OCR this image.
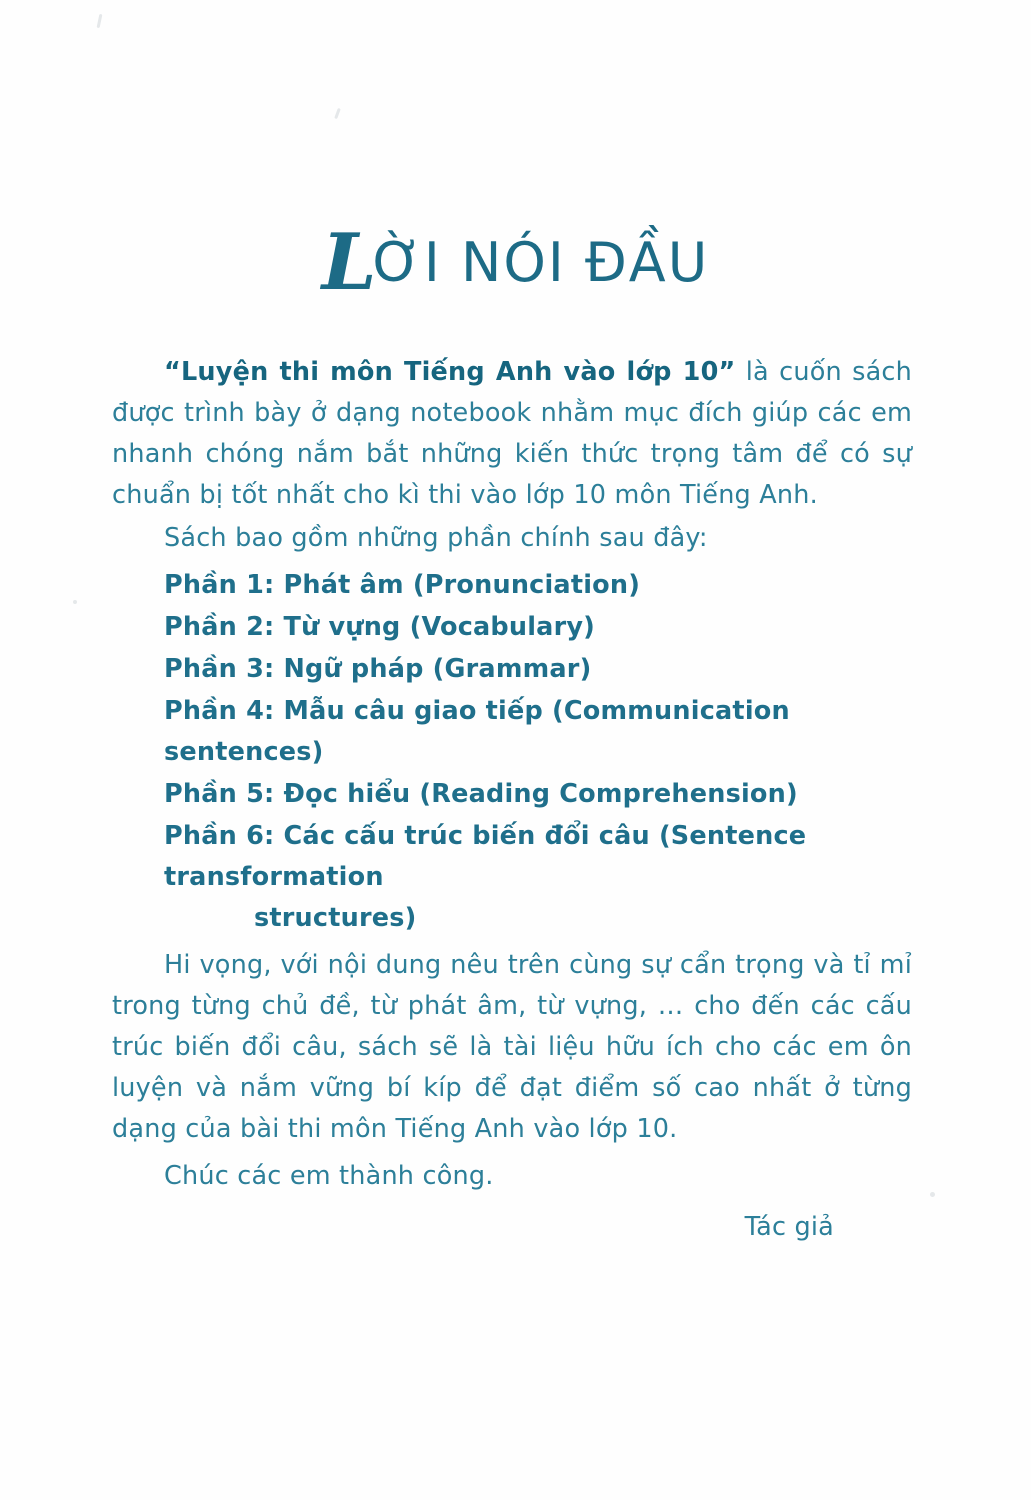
LỜI NÓI ĐẦU

“Luyện thi môn Tiếng Anh vào lớp 10” là cuốn sách được trình bày ở dạng notebook nhằm mục đích giúp các em nhanh chóng nắm bắt những kiến thức trọng tâm để có sự chuẩn bị tốt nhất cho kì thi vào lớp 10 môn Tiếng Anh.

Sách bao gồm những phần chính sau đây:

Phần 1: Phát âm (Pronunciation)
Phần 2: Từ vựng (Vocabulary)
Phần 3: Ngữ pháp (Grammar)
Phần 4: Mẫu câu giao tiếp (Communication sentences)
Phần 5: Đọc hiểu (Reading Comprehension)
Phần 6: Các cấu trúc biến đổi câu (Sentence transformation
structures)

Hi vọng, với nội dung nêu trên cùng sự cẩn trọng và tỉ mỉ trong từng chủ đề, từ phát âm, từ vựng, … cho đến các cấu trúc biến đổi câu, sách sẽ là tài liệu hữu ích cho các em ôn luyện và nắm vững bí kíp để đạt điểm số cao nhất ở từng dạng của bài thi môn Tiếng Anh vào lớp 10.

Chúc các em thành công.

Tác giả
